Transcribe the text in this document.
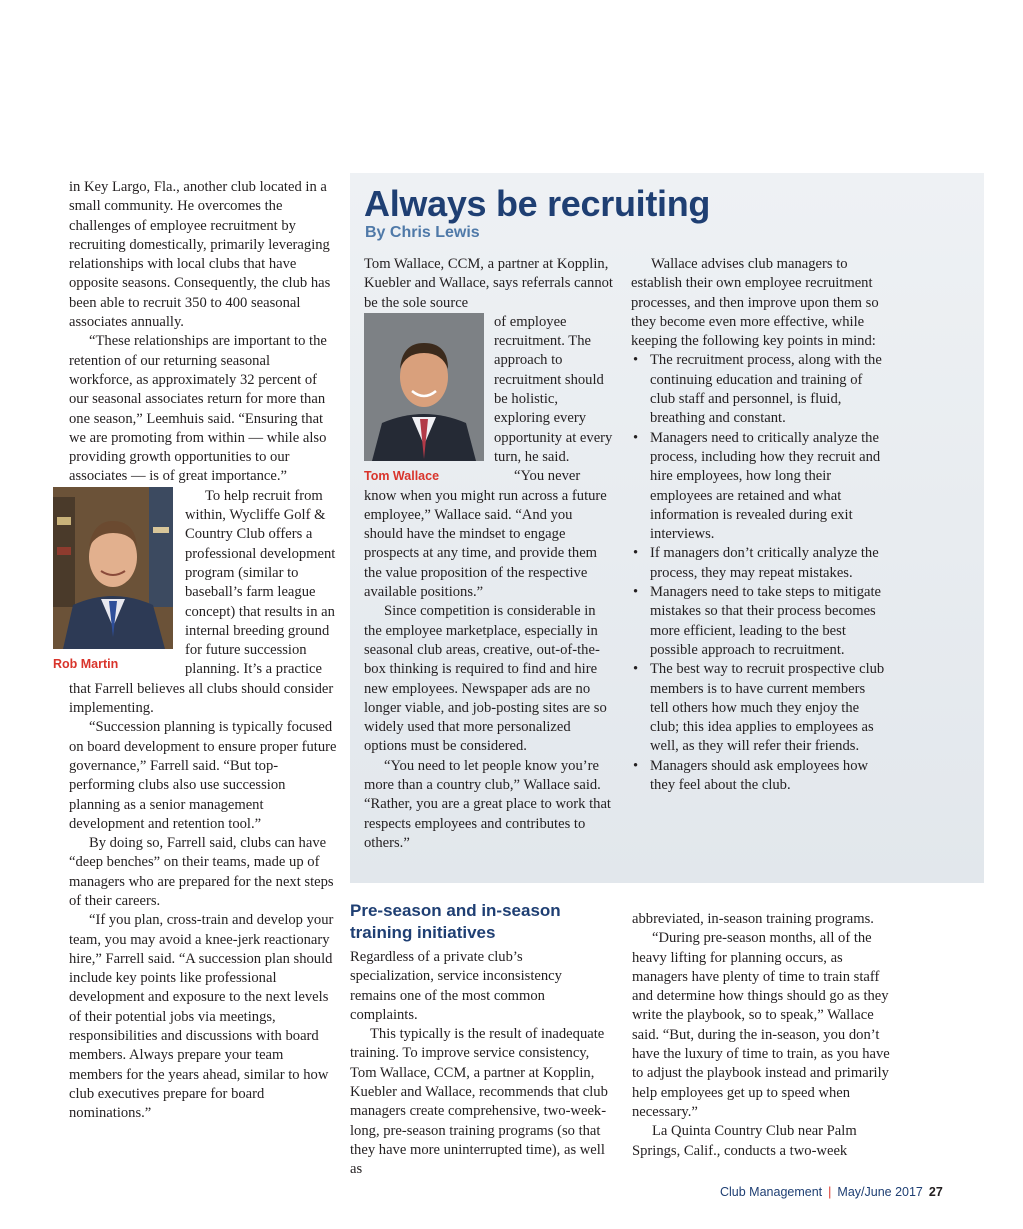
in Key Largo, Fla., another club located in a small community. He overcomes the challenges of employee recruitment by recruiting domestically, primarily leveraging relationships with local clubs that have opposite seasons. Consequently, the club has been able to recruit 350 to 400 seasonal associates annually.

“These relationships are important to the retention of our returning seasonal workforce, as approximately 32 percent of our seasonal associates return for more than one season,” Leemhuis said. “Ensuring that we are promoting from within — while also providing growth opportunities to our associates — is of great importance.”

Rob Martin

To help recruit from within, Wycliffe Golf & Country Club offers a professional development program (similar to baseball’s farm league concept) that results in an internal breeding ground for future succession planning. It’s a practice that Farrell believes all clubs should consider implementing.

“Succession planning is typically focused on board development to ensure proper future governance,” Farrell said. “But top-performing clubs also use succession planning as a senior management development and retention tool.”

By doing so, Farrell said, clubs can have “deep benches” on their teams, made up of managers who are prepared for the next steps of their careers.

“If you plan, cross-train and develop your team, you may avoid a knee-jerk reactionary hire,” Farrell said. “A succession plan should include key points like professional development and exposure to the next levels of their potential jobs via meetings, responsibilities and discussions with board members. Always prepare your team members for the years ahead, similar to how club executives prepare for board nominations.”

Always be recruiting
By Chris Lewis

Tom Wallace, CCM, a partner at Kopplin, Kuebler and Wallace, says referrals cannot be the sole source

Tom Wallace

of employee recruitment. The approach to recruitment should be holistic, exploring every opportunity at every turn, he said.

“You never know when you might run across a future employee,” Wallace said. “And you should have the mindset to engage prospects at any time, and provide them the value proposition of the respective available positions.”

Since competition is considerable in the employee marketplace, especially in seasonal club areas, creative, out-of-the-box thinking is required to find and hire new employees. Newspaper ads are no longer viable, and job-posting sites are so widely used that more personalized options must be considered.

“You need to let people know you’re more than a country club,” Wallace said. “Rather, you are a great place to work that respects employees and contributes to others.”

Wallace advises club managers to establish their own employee recruitment processes, and then improve upon them so they become even more effective, while keeping the following key points in mind:

• The recruitment process, along with the continuing education and training of club staff and personnel, is fluid, breathing and constant.
• Managers need to critically analyze the process, including how they recruit and hire employees, how long their employees are retained and what information is revealed during exit interviews.
• If managers don’t critically analyze the process, they may repeat mistakes.
• Managers need to take steps to mitigate mistakes so that their process becomes more efficient, leading to the best possible approach to recruitment.
• The best way to recruit prospective club members is to have current members tell others how much they enjoy the club; this idea applies to employees as well, as they will refer their friends.
• Managers should ask employees how they feel about the club.
Pre-season and in-season training initiatives

Regardless of a private club’s specialization, service inconsistency remains one of the most common complaints.

This typically is the result of inadequate training. To improve service consistency, Tom Wallace, CCM, a partner at Kopplin, Kuebler and Wallace, recommends that club managers create comprehensive, two-week-long, pre-season training programs (so that they have more uninterrupted time), as well as

abbreviated, in-season training programs.

“During pre-season months, all of the heavy lifting for planning occurs, as managers have plenty of time to train staff and determine how things should go as they write the playbook, so to speak,” Wallace said. “But, during the in-season, you don’t have the luxury of time to train, as you have to adjust the playbook instead and primarily help employees get up to speed when necessary.”

La Quinta Country Club near Palm Springs, Calif., conducts a two-week

Club Management | May/June 2017 27
